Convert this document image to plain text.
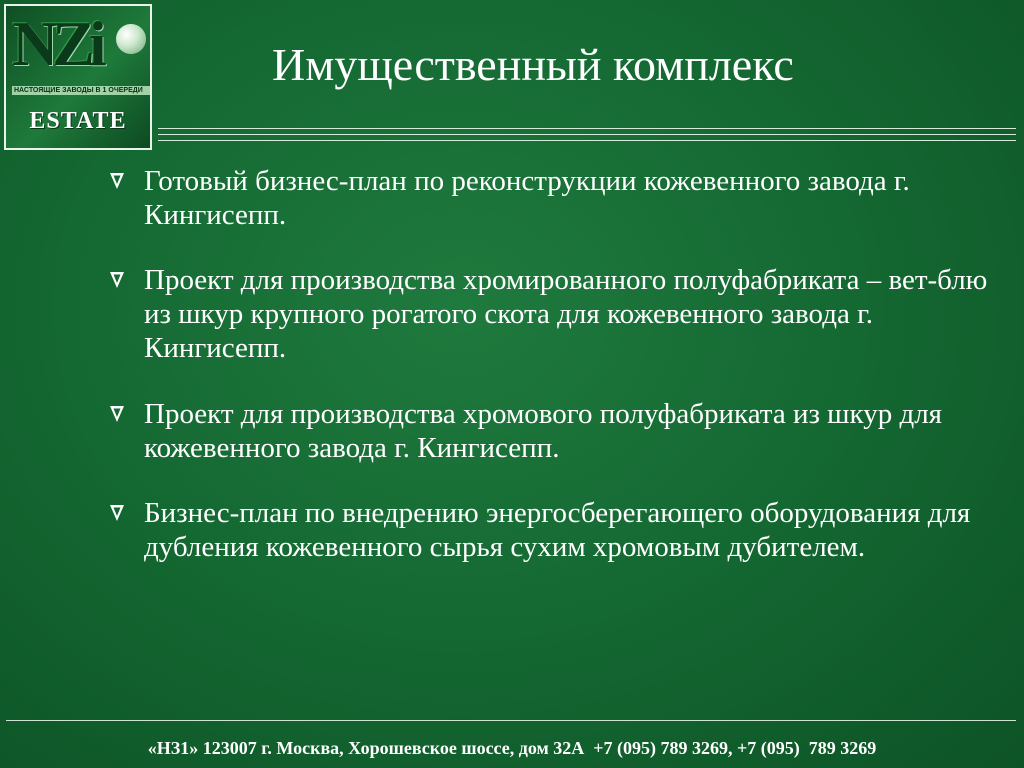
NZi
НАСТОЯЩИЕ ЗАВОДЫ В 1 ОЧЕРЕДИ
ESTATE
Имущественный комплекс
Готовый бизнес-план по реконструкции кожевенного завода г. Кингисепп.
Проект для производства хромированного полуфабриката – вет-блю из шкур крупного рогатого скота для кожевенного завода г. Кингисепп.
Проект для производства хромового полуфабриката из шкур для кожевенного завода г. Кингисепп.
Бизнес-план по внедрению энергосберегающего оборудования для дубления кожевенного сырья сухим хромовым дубителем.
«НЗ1» 123007 г. Москва, Хорошевское шоссе, дом 32А  +7 (095) 789 3269, +7 (095)  789 3269
